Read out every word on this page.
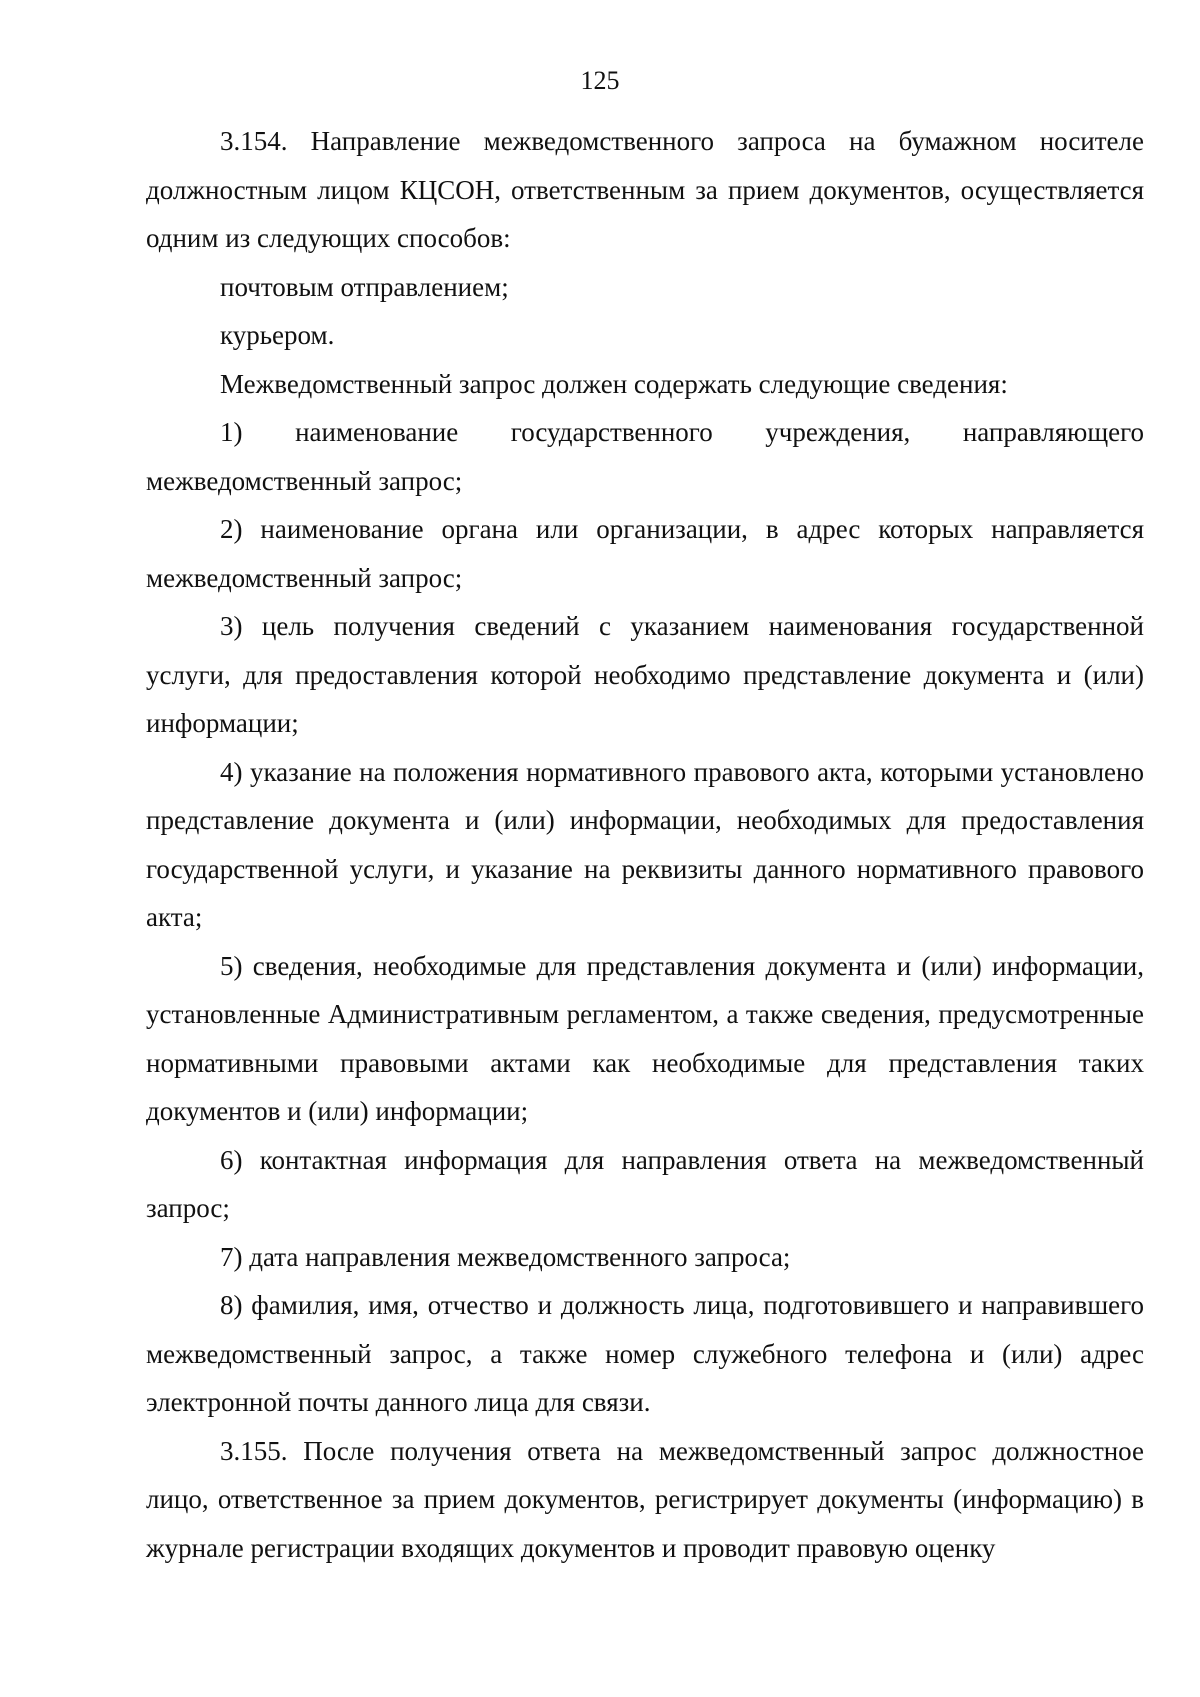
125

3.154. Направление межведомственного запроса на бумажном носителе должностным лицом КЦСОН, ответственным за прием документов, осуществляется одним из следующих способов:

почтовым отправлением;

курьером.

Межведомственный запрос должен содержать следующие сведения:

1) наименование государственного учреждения, направляющего межведомственный запрос;

2) наименование органа или организации, в адрес которых направляется межведомственный запрос;

3) цель получения сведений с указанием наименования государственной услуги, для предоставления которой необходимо представление документа и (или) информации;

4) указание на положения нормативного правового акта, которыми установлено представление документа и (или) информации, необходимых для предоставления государственной услуги, и указание на реквизиты данного нормативного правового акта;

5) сведения, необходимые для представления документа и (или) информации, установленные Административным регламентом, а также сведения, предусмотренные нормативными правовыми актами как необходимые для представления таких документов и (или) информации;

6) контактная информация для направления ответа на межведомственный запрос;

7) дата направления межведомственного запроса;

8) фамилия, имя, отчество и должность лица, подготовившего и направившего межведомственный запрос, а также номер служебного телефона и (или) адрес электронной почты данного лица для связи.

3.155. После получения ответа на межведомственный запрос должностное лицо, ответственное за прием документов, регистрирует документы (информацию) в журнале регистрации входящих документов и проводит правовую оценку
